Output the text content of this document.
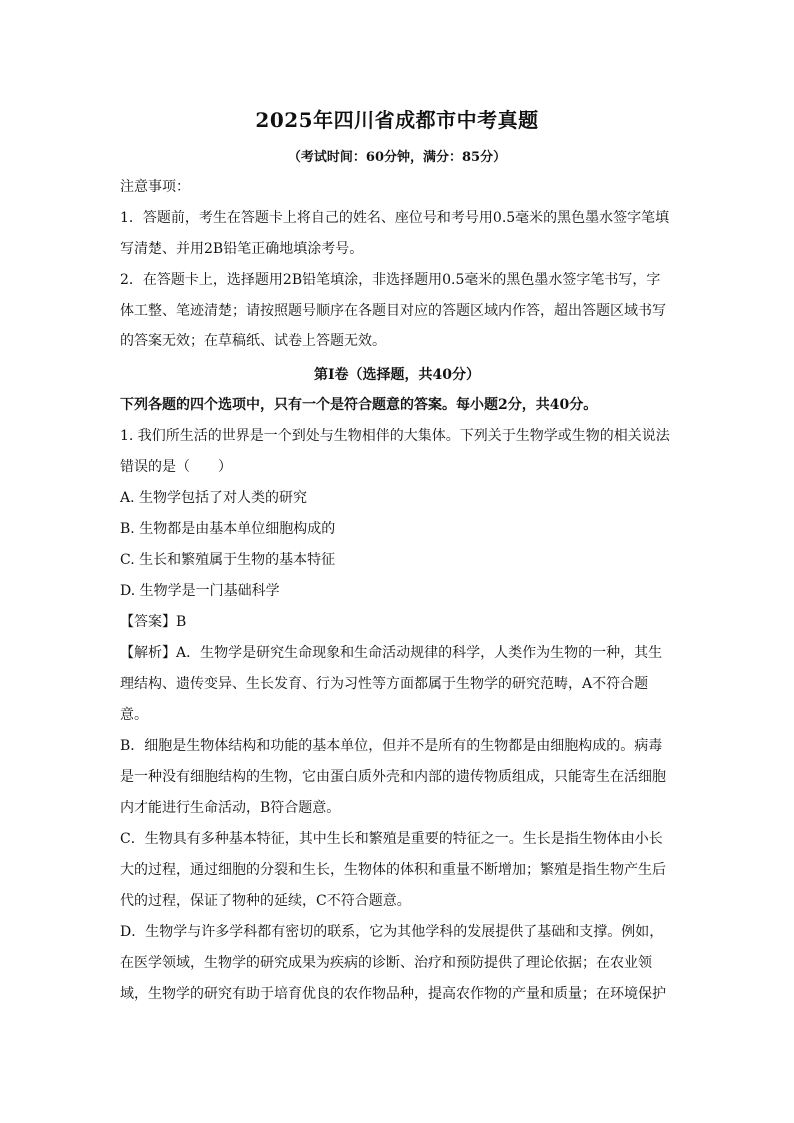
2025年四川省成都市中考真题
（考试时间：60分钟，满分：85分）
注意事项：
1．答题前，考生在答题卡上将自己的姓名、座位号和考号用0.5毫米的黑色墨水签字笔填
写清楚、并用2B铅笔正确地填涂考号。
2．在答题卡上，选择题用2B铅笔填涂，非选择题用0.5毫米的黑色墨水签字笔书写，字
体工整、笔迹清楚；请按照题号顺序在各题目对应的答题区域内作答，超出答题区域书写
的答案无效；在草稿纸、试卷上答题无效。
第Ⅰ卷（选择题，共40分）
下列各题的四个选项中，只有一个是符合题意的答案。每小题2分，共40分。
1. 我们所生活的世界是一个到处与生物相伴的大集体。下列关于生物学或生物的相关说法
错误的是（　　）
A. 生物学包括了对人类的研究
B. 生物都是由基本单位细胞构成的
C. 生长和繁殖属于生物的基本特征
D. 生物学是一门基础科学
【答案】B
【解析】A．生物学是研究生命现象和生命活动规律的科学，人类作为生物的一种，其生
理结构、遗传变异、生长发育、行为习性等方面都属于生物学的研究范畴，A不符合题
意。
B．细胞是生物体结构和功能的基本单位，但并不是所有的生物都是由细胞构成的。病毒
是一种没有细胞结构的生物，它由蛋白质外壳和内部的遗传物质组成，只能寄生在活细胞
内才能进行生命活动，B符合题意。
C．生物具有多种基本特征，其中生长和繁殖是重要的特征之一。生长是指生物体由小长
大的过程，通过细胞的分裂和生长，生物体的体积和重量不断增加；繁殖是指生物产生后
代的过程，保证了物种的延续，C不符合题意。
D．生物学与许多学科都有密切的联系，它为其他学科的发展提供了基础和支撑。例如，
在医学领域，生物学的研究成果为疾病的诊断、治疗和预防提供了理论依据；在农业领
域，生物学的研究有助于培育优良的农作物品种，提高农作物的产量和质量；在环境保护
